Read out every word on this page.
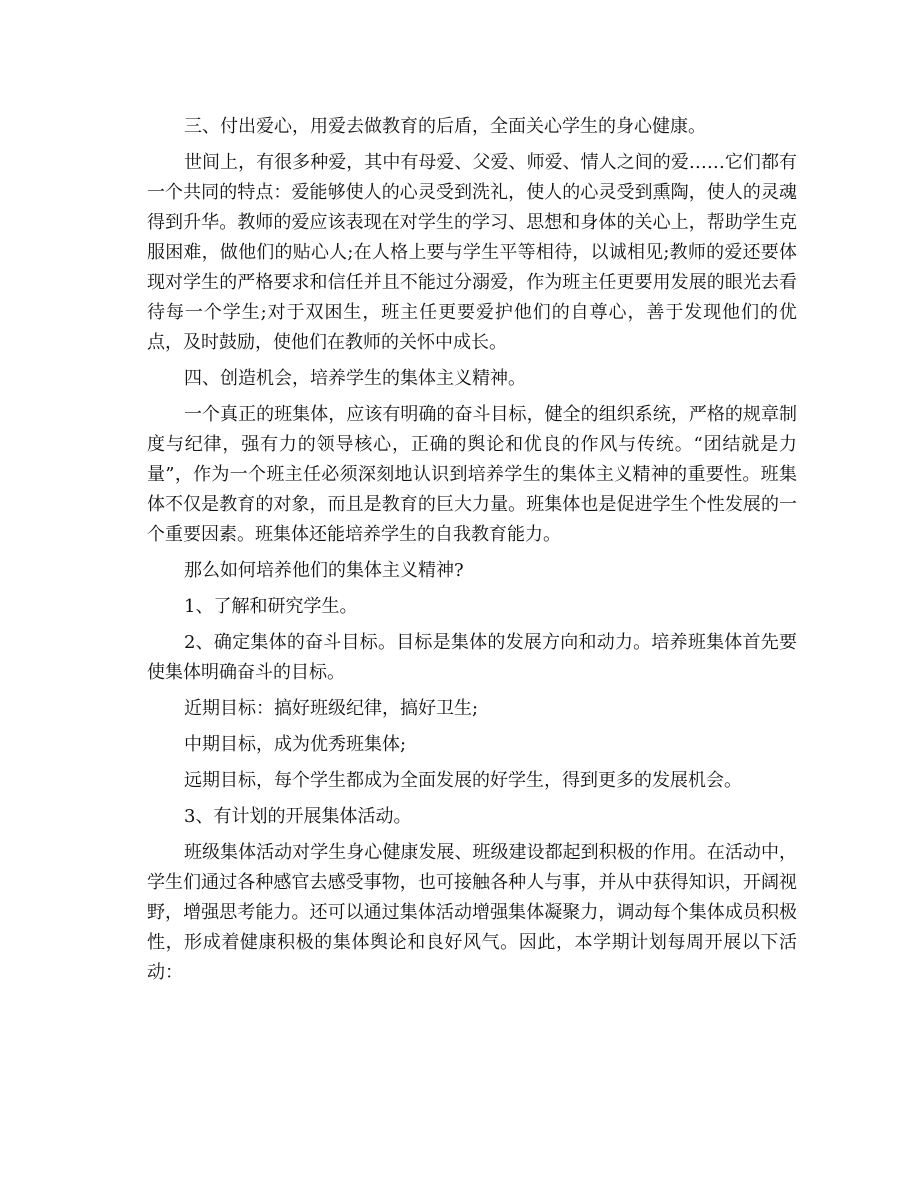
三、付出爱心，用爱去做教育的后盾，全面关心学生的身心健康。

世间上，有很多种爱，其中有母爱、父爱、师爱、情人之间的爱……它们都有一个共同的特点：爱能够使人的心灵受到洗礼，使人的心灵受到熏陶，使人的灵魂得到升华。教师的爱应该表现在对学生的学习、思想和身体的关心上，帮助学生克服困难，做他们的贴心人;在人格上要与学生平等相待，以诚相见;教师的爱还要体现对学生的严格要求和信任并且不能过分溺爱，作为班主任更要用发展的眼光去看待每一个学生;对于双困生，班主任更要爱护他们的自尊心，善于发现他们的优点，及时鼓励，使他们在教师的关怀中成长。

四、创造机会，培养学生的集体主义精神。

一个真正的班集体，应该有明确的奋斗目标，健全的组织系统，严格的规章制度与纪律，强有力的领导核心，正确的舆论和优良的作风与传统。“团结就是力量”，作为一个班主任必须深刻地认识到培养学生的集体主义精神的重要性。班集体不仅是教育的对象，而且是教育的巨大力量。班集体也是促进学生个性发展的一个重要因素。班集体还能培养学生的自我教育能力。

那么如何培养他们的集体主义精神?

1、了解和研究学生。

2、确定集体的奋斗目标。目标是集体的发展方向和动力。培养班集体首先要使集体明确奋斗的目标。

近期目标：搞好班级纪律，搞好卫生;

中期目标，成为优秀班集体;

远期目标，每个学生都成为全面发展的好学生，得到更多的发展机会。

3、有计划的开展集体活动。

班级集体活动对学生身心健康发展、班级建设都起到积极的作用。在活动中，学生们通过各种感官去感受事物，也可接触各种人与事，并从中获得知识，开阔视野，增强思考能力。还可以通过集体活动增强集体凝聚力，调动每个集体成员积极性，形成着健康积极的集体舆论和良好风气。因此，本学期计划每周开展以下活动：
